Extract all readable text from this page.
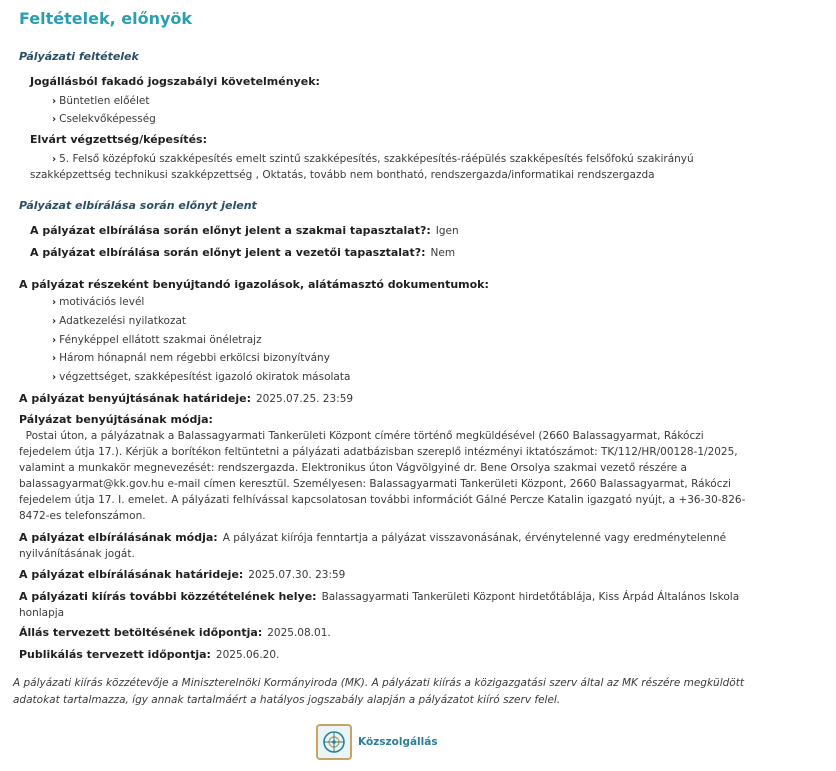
Feltételek, előnyök
Pályázati feltételek
Jogállásból fakadó jogszabályi követelmények:
› Büntetlen előélet
› Cselekvőképesség
Elvárt végzettség/képesítés:
› 5. Felső középfokú szakképesítés emelt szintű szakképesítés, szakképesítés-ráépülés szakképesítés felsőfokú szakirányú
szakképzettség technikusi szakképzettség , Oktatás, tovább nem bontható, rendszergazda/informatikai rendszergazda
Pályázat elbírálása során előnyt jelent
A pályázat elbírálása során előnyt jelent a szakmai tapasztalat?: Igen
A pályázat elbírálása során előnyt jelent a vezetői tapasztalat?: Nem
A pályázat részeként benyújtandó igazolások, alátámasztó dokumentumok:
› motivációs levél
› Adatkezelési nyilatkozat
› Fényképpel ellátott szakmai önéletrajz
› Három hónapnál nem régebbi erkölcsi bizonyítvány
› végzettséget, szakképesítést igazoló okiratok másolata
A pályázat benyújtásának határideje: 2025.07.25. 23:59
Pályázat benyújtásának módja:
Postai úton, a pályázatnak a Balassagyarmati Tankerületi Központ címére történő megküldésével (2660 Balassagyarmat, Rákóczi
fejedelem útja 17.). Kérjük a borítékon feltüntetni a pályázati adatbázisban szereplő intézményi iktatószámot: TK/112/HR/00128-1/2025,
valamint a munkakör megnevezését: rendszergazda. Elektronikus úton Vágvölgyiné dr. Bene Orsolya szakmai vezető részére a
balassagyarmat@kk.gov.hu e-mail címen keresztül. Személyesen: Balassagyarmati Tankerületi Központ, 2660 Balassagyarmat, Rákóczi
fejedelem útja 17. I. emelet. A pályázati felhívással kapcsolatosan további információt Gálné Percze Katalin igazgató nyújt, a +36-30-826-
8472-es telefonszámon.
A pályázat elbírálásának módja: A pályázat kiírója fenntartja a pályázat visszavonásának, érvénytelenné vagy eredménytelenné
nyilvánításának jogát.
A pályázat elbírálásának határideje: 2025.07.30. 23:59
A pályázati kiírás további közzétételének helye: Balassagyarmati Tankerületi Központ hirdetőtáblája, Kiss Árpád Általános Iskola
honlapja
Állás tervezett betöltésének időpontja: 2025.08.01.
Publikálás tervezett időpontja: 2025.06.20.
A pályázati kiírás közzétevője a Miniszterelnöki Kormányiroda (MK). A pályázati kiírás a közigazgatási szerv által az MK részére megküldött
adatokat tartalmazza, így annak tartalmáért a hatályos jogszabály alapján a pályázatot kiíró szerv felel.
Közszolgállás
